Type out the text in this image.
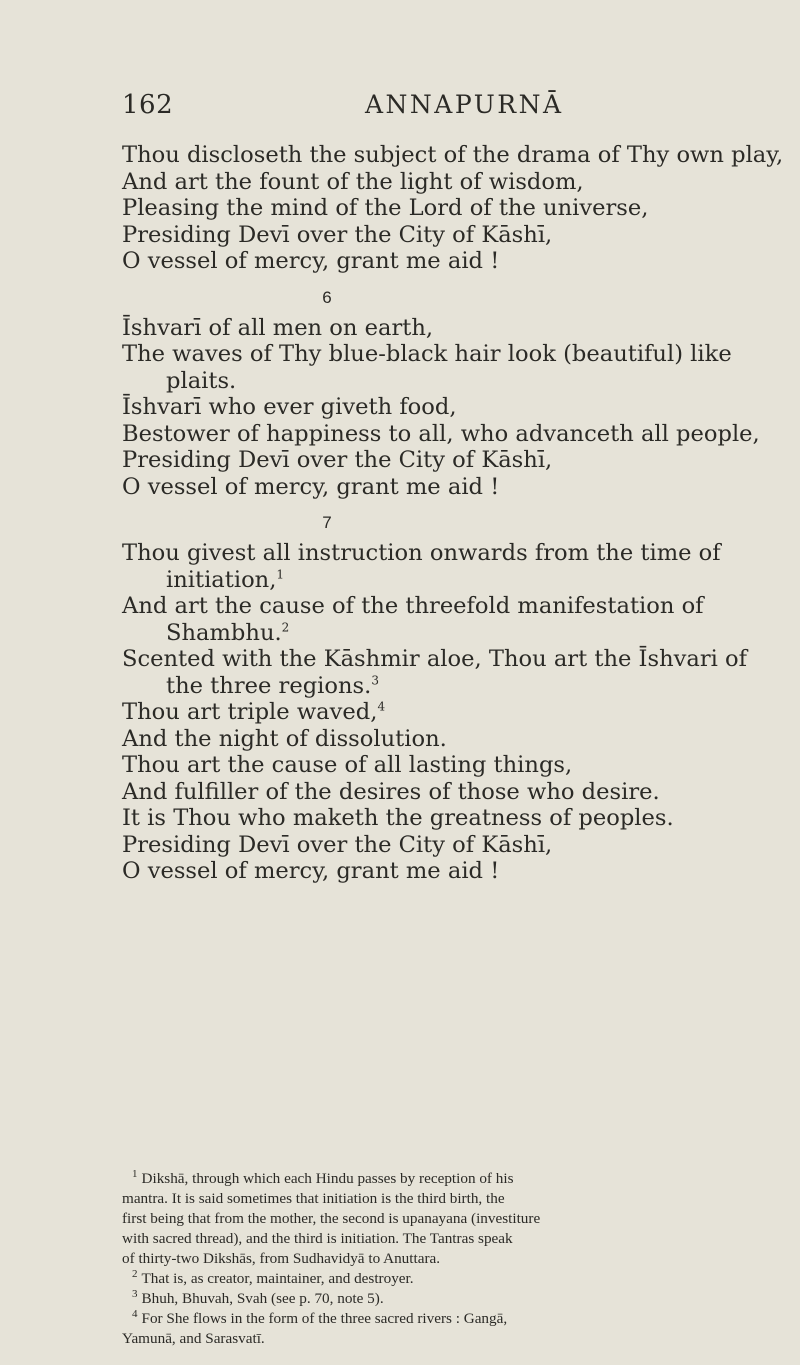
162	ANNAPURNĀ
Thou discloseth the subject of the drama of Thy own play,
And art the fount of the light of wisdom,
Pleasing the mind of the Lord of the universe,
Presiding Devī over the City of Kāshī,
O vessel of mercy, grant me aid !
6
Īshvarī of all men on earth,
The waves of Thy blue-black hair look (beautiful) like
plaits.
Īshvarī who ever giveth food,
Bestower of happiness to all, who advanceth all people,
Presiding Devī over the City of Kāshī,
O vessel of mercy, grant me aid !
7
Thou givest all instruction onwards from the time of
initiation,$^1$
And art the cause of the threefold manifestation of
Shambhu.$^2$
Scented with the Kāshmir aloe, Thou art the Īshvari of
the three regions.$^3$
Thou art triple waved,$^4$
And the night of dissolution.
Thou art the cause of all lasting things,
And fulfiller of the desires of those who desire.
It is Thou who maketh the greatness of peoples.
Presiding Devī over the City of Kāshī,
O vessel of mercy, grant me aid !
$^1$ Dikshā, through which each Hindu passes by reception of his
mantra. It is said sometimes that initiation is the third birth, the
first being that from the mother, the second is upanayana (investiture
with sacred thread), and the third is initiation. The Tantras speak
of thirty-two Dikshās, from Sudhavidyā to Anuttara.
$^2$ That is, as creator, maintainer, and destroyer.
$^3$ Bhuh, Bhuvah, Svah (see p. 70, note 5).
$^4$ For She flows in the form of the three sacred rivers : Gangā,
Yamunā, and Sarasvatī.
